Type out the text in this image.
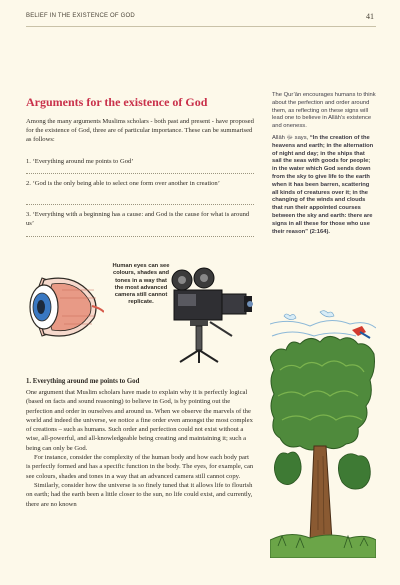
BELIEF IN THE EXISTENCE OF GOD	41
Arguments for the existence of God

Among the many arguments Muslims scholars - both past and present - have proposed for the existence of God, three are of particular importance. These can be summarised as follows:

1. ‘Everything around me points to God’

2. ‘God is the only being able to select one form over another in creation’

3. ‘Everything with a beginning has a cause: and God is the cause for what is around us’

Human eyes can see colours, shades and tones in a way that the most advanced camera still cannot replicate.

The Qur’ān encourages humans to think about the perfection and order around them, as reflecting on these signs will lead one to believe in Allāh’s existence and oneness.

Allāh ﷻ says, “In the creation of the heavens and earth; in the alternation of night and day; in the ships that sail the seas with goods for people; in the water which God sends down from the sky to give life to the earth when it has been barren, scattering all kinds of creatures over it; in the changing of the winds and clouds that run their appointed courses between the sky and earth: there are signs in all these for those who use their reason” (2:164).

1. Everything around me points to God

One argument that Muslim scholars have made to explain why it is perfectly logical (based on facts and sound reasoning) to believe in God, is by pointing out the perfection and order in ourselves and around us. When we observe the marvels of the world and indeed the universe, we notice a fine order even amongst the most complex of creations – such as humans. Such order and perfection could not exist without a wise, all-powerful, and all-knowledgeable being creating and maintaining it; such a being can only be God.

For instance, consider the complexity of the human body and how each body part is perfectly formed and has a specific function in the body. The eyes, for example, can see colours, shades and tones in a way that an advanced camera still cannot copy.

Similarly, consider how the universe is so finely tuned that it allows life to flourish on earth; had the earth been a little closer to the sun, no life could exist, and currently, there are no known
